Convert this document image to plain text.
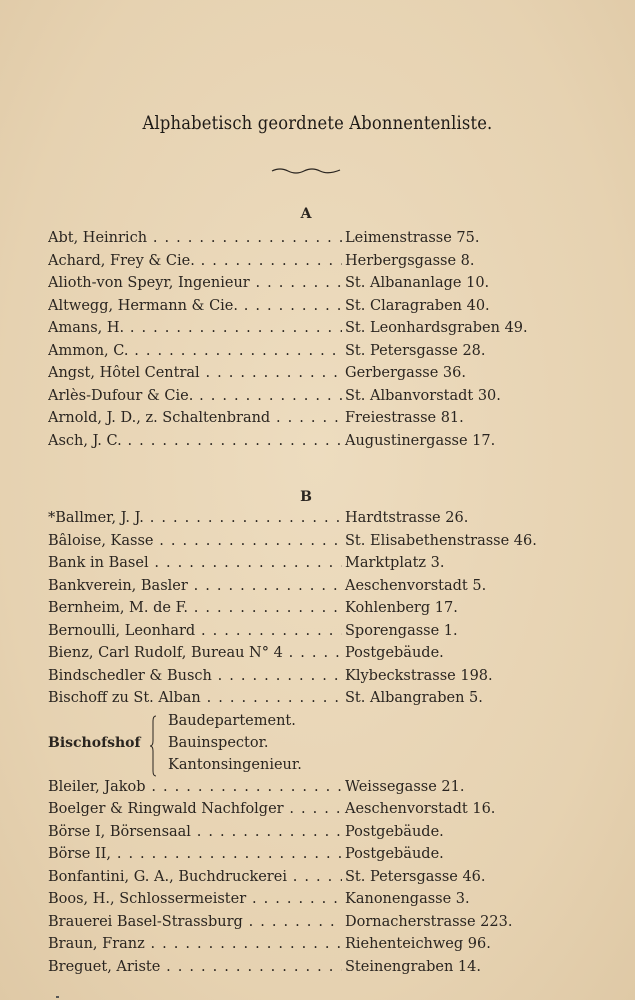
Alphabetisch geordnete Abonnentenliste.
A
Abt, Heinrich . . .	Leimenstrasse 75.
Achard, Frey & Cie. . . .	Herbergsgasse 8.
Alioth-von Speyr, Ingenieur . . .	St. Albananlage 10.
Altwegg, Hermann & Cie. . . .	St. Claragraben 40.
Amans, H. . . .	St. Leonhardsgraben 49.
Ammon, C. . . .	St. Petersgasse 28.
Angst, Hôtel Central . . .	Gerbergasse 36.
Arlès-Dufour & Cie. . . .	St. Albanvorstadt 30.
Arnold, J. D., z. Schaltenbrand . . .	Freiestrasse 81.
Asch, J. C. . . .	Augustinergasse 17.
B
*Ballmer, J. J. . . .	Hardtstrasse 26.
Bâloise, Kasse . . .	St. Elisabethenstrasse 46.
Bank in Basel . . .	Marktplatz 3.
Bankverein, Basler . . .	Aeschenvorstadt 5.
Bernheim, M. de F. . . .	Kohlenberg 17.
Bernoulli, Leonhard . . .	Sporengasse 1.
Bienz, Carl Rudolf, Bureau N° 4 . . .	Postgebäude.
Bindschedler & Busch . . .	Klybeckstrasse 198.
Bischoff zu St. Alban . . .	St. Albangraben 5.
Bischofshof
Baudepartement.
Bauinspector.
Kantonsingenieur.
Bleiler, Jakob . . .	Weissegasse 21.
Boelger & Ringwald Nachfolger . . .	Aeschenvorstadt 16.
Börse I, Börsensaal . . .	Postgebäude.
Börse II, . . .	Postgebäude.
Bonfantini, G. A., Buchdruckerei . . .	St. Petersgasse 46.
Boos, H., Schlossermeister . . .	Kanonengasse 3.
Brauerei Basel-Strassburg . . .	Dornacherstrasse 223.
Braun, Franz . . .	Riehenteichweg 96.
Breguet, Ariste . . .	Steinengraben 14.
